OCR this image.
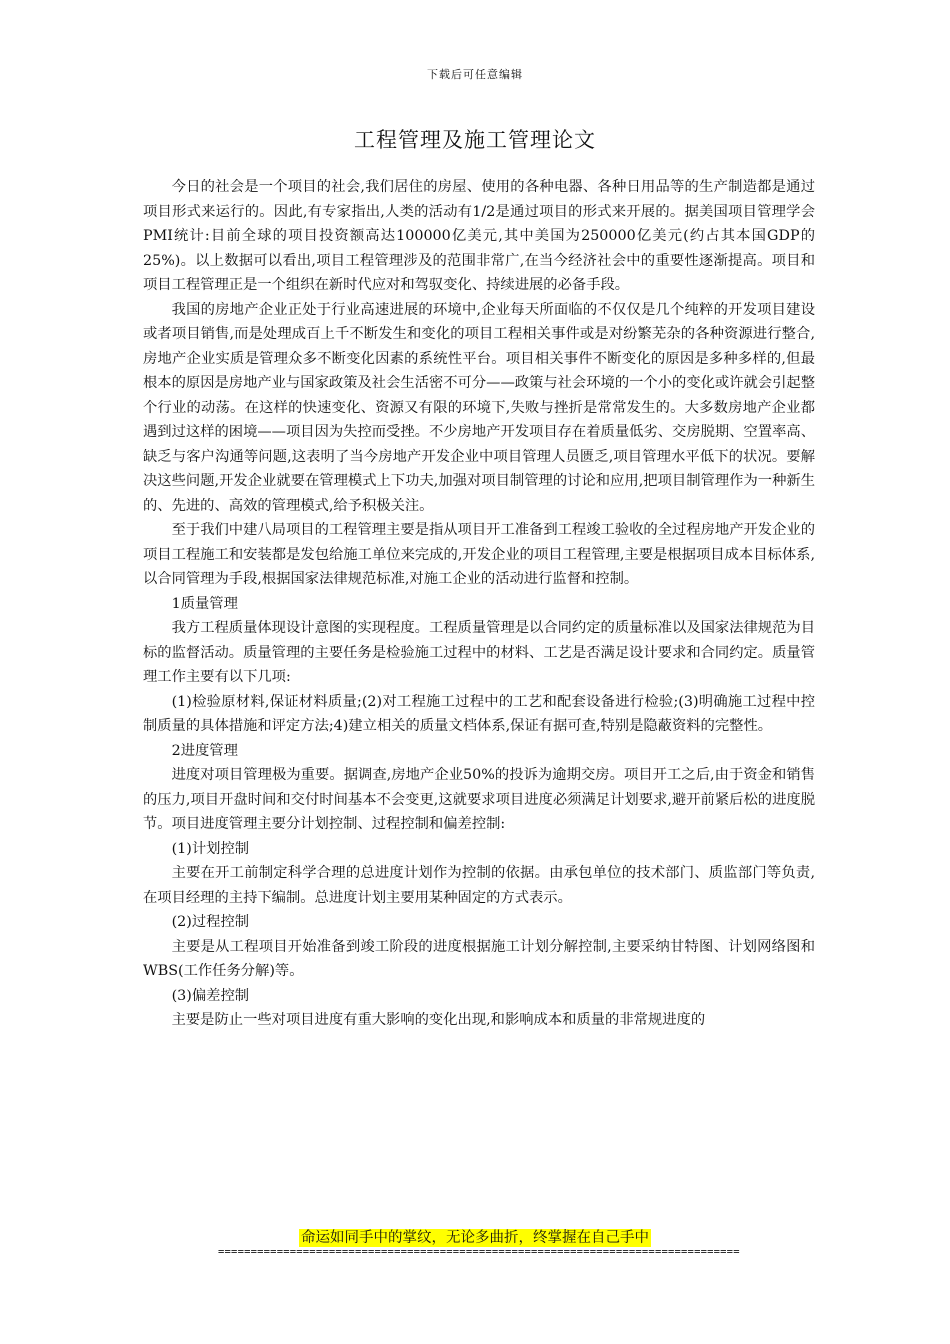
下载后可任意编辑
工程管理及施工管理论文

今日的社会是一个项目的社会,我们居住的房屋、使用的各种电器、各种日用品等的生产制造都是通过项目形式来运行的。因此,有专家指出,人类的活动有1/2是通过项目的形式来开展的。据美国项目管理学会PMI统计:目前全球的项目投资额高达100000亿美元,其中美国为250000亿美元(约占其本国GDP的25%)。以上数据可以看出,项目工程管理涉及的范围非常广,在当今经济社会中的重要性逐渐提高。项目和项目工程管理正是一个组织在新时代应对和驾驭变化、持续进展的必备手段。

我国的房地产企业正处于行业高速进展的环境中,企业每天所面临的不仅仅是几个纯粹的开发项目建设或者项目销售,而是处理成百上千不断发生和变化的项目工程相关事件或是对纷繁芜杂的各种资源进行整合,房地产企业实质是管理众多不断变化因素的系统性平台。项目相关事件不断变化的原因是多种多样的,但最根本的原因是房地产业与国家政策及社会生活密不可分——政策与社会环境的一个小的变化或许就会引起整个行业的动荡。在这样的快速变化、资源又有限的环境下,失败与挫折是常常发生的。大多数房地产企业都遇到过这样的困境——项目因为失控而受挫。不少房地产开发项目存在着质量低劣、交房脱期、空置率高、缺乏与客户沟通等问题,这表明了当今房地产开发企业中项目管理人员匮乏,项目管理水平低下的状况。要解决这些问题,开发企业就要在管理模式上下功夫,加强对项目制管理的讨论和应用,把项目制管理作为一种新生的、先进的、高效的管理模式,给予积极关注。

至于我们中建八局项目的工程管理主要是指从项目开工准备到工程竣工验收的全过程房地产开发企业的项目工程施工和安装都是发包给施工单位来完成的,开发企业的项目工程管理,主要是根据项目成本目标体系,以合同管理为手段,根据国家法律规范标准,对施工企业的活动进行监督和控制。

1质量管理

我方工程质量体现设计意图的实现程度。工程质量管理是以合同约定的质量标准以及国家法律规范为目标的监督活动。质量管理的主要任务是检验施工过程中的材料、工艺是否满足设计要求和合同约定。质量管理工作主要有以下几项:

(1)检验原材料,保证材料质量;(2)对工程施工过程中的工艺和配套设备进行检验;(3)明确施工过程中控制质量的具体措施和评定方法;4)建立相关的质量文档体系,保证有据可查,特别是隐蔽资料的完整性。

2进度管理

进度对项目管理极为重要。据调查,房地产企业50%的投诉为逾期交房。项目开工之后,由于资金和销售的压力,项目开盘时间和交付时间基本不会变更,这就要求项目进度必须满足计划要求,避开前紧后松的进度脱节。项目进度管理主要分计划控制、过程控制和偏差控制:

(1)计划控制

主要在开工前制定科学合理的总进度计划作为控制的依据。由承包单位的技术部门、质监部门等负责,在项目经理的主持下编制。总进度计划主要用某种固定的方式表示。

(2)过程控制

主要是从工程项目开始准备到竣工阶段的进度根据施工计划分解控制,主要采纳甘特图、计划网络图和WBS(工作任务分解)等。

(3)偏差控制

主要是防止一些对项目进度有重大影响的变化出现,和影响成本和质量的非常规进度的

命运如同手中的掌纹，无论多曲折，终掌握在自己手中
================================================================================
